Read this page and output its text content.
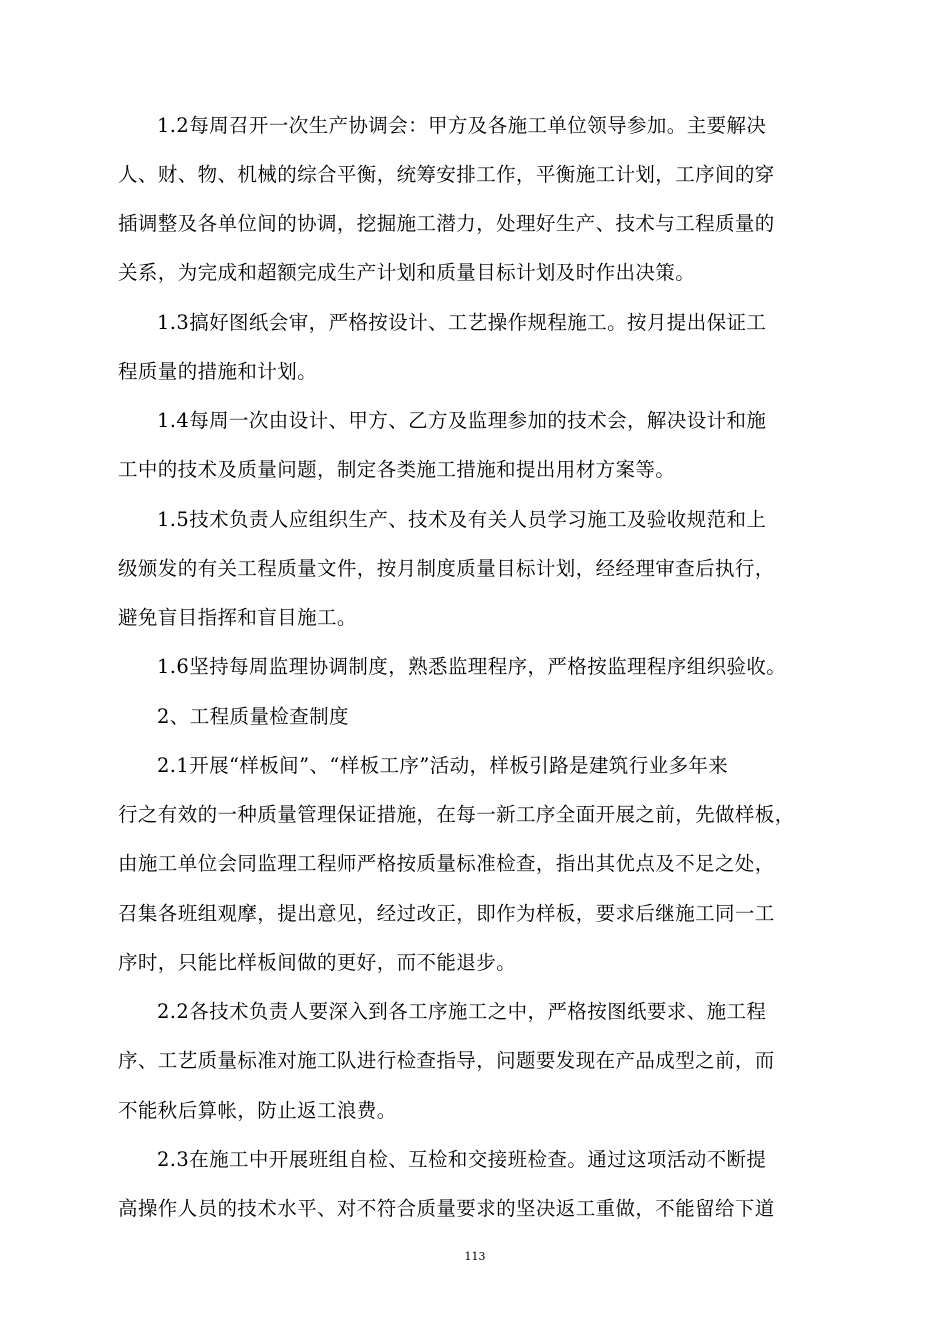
1.2每周召开一次生产协调会：甲方及各施工单位领导参加。主要解决
人、财、物、机械的综合平衡，统筹安排工作，平衡施工计划，工序间的穿
插调整及各单位间的协调，挖掘施工潜力，处理好生产、技术与工程质量的
关系，为完成和超额完成生产计划和质量目标计划及时作出决策。
1.3搞好图纸会审，严格按设计、工艺操作规程施工。按月提出保证工
程质量的措施和计划。
1.4每周一次由设计、甲方、乙方及监理参加的技术会，解决设计和施
工中的技术及质量问题，制定各类施工措施和提出用材方案等。
1.5技术负责人应组织生产、技术及有关人员学习施工及验收规范和上
级颁发的有关工程质量文件，按月制度质量目标计划，经经理审查后执行，
避免盲目指挥和盲目施工。
1.6坚持每周监理协调制度，熟悉监理程序，严格按监理程序组织验收。
2、工程质量检查制度
2.1开展“样板间”、“样板工序”活动，样板引路是建筑行业多年来
行之有效的一种质量管理保证措施，在每一新工序全面开展之前，先做样板，
由施工单位会同监理工程师严格按质量标准检查，指出其优点及不足之处，
召集各班组观摩，提出意见，经过改正，即作为样板，要求后继施工同一工
序时，只能比样板间做的更好，而不能退步。
2.2各技术负责人要深入到各工序施工之中，严格按图纸要求、施工程
序、工艺质量标准对施工队进行检查指导，问题要发现在产品成型之前，而
不能秋后算帐，防止返工浪费。
2.3在施工中开展班组自检、互检和交接班检查。通过这项活动不断提
高操作人员的技术水平、对不符合质量要求的坚决返工重做，不能留给下道
113
